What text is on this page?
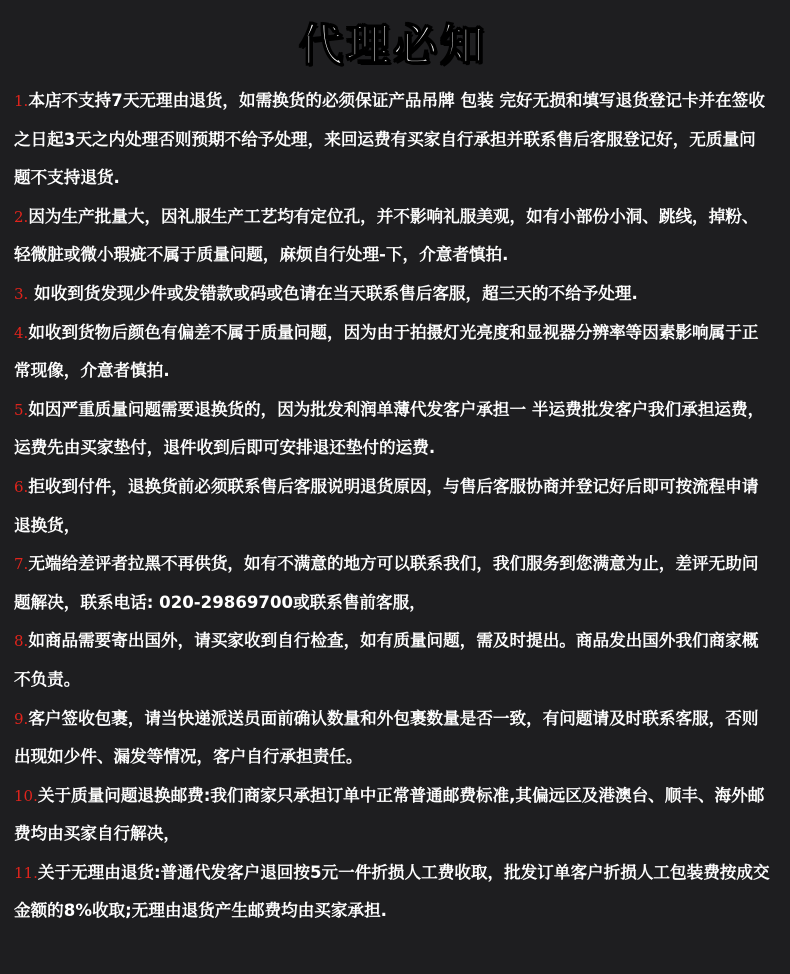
代理必知
1.本店不支持7天无理由退货，如需换货的必须保证产品吊牌 包装 完好无损和填写退货登记卡并在签收之日起3天之内处理否则预期不给予处理，来回运费有买家自行承担并联系售后客服登记好，无质量问题不支持退货.
2.因为生产批量大，因礼服生产工艺均有定位孔，并不影响礼服美观，如有小部份小洞、跳线，掉粉、轻微脏或微小瑕疵不属于质量问题，麻烦自行处理-下，介意者慎拍.
3. 如收到货发现少件或发错款或码或色请在当天联系售后客服，超三天的不给予处理.
4.如收到货物后颜色有偏差不属于质量问题，因为由于拍摄灯光亮度和显视器分辨率等因素影响属于正常现像，介意者慎拍.
5.如因严重质量问题需要退换货的，因为批发利润单薄代发客户承担一 半运费批发客户我们承担运费，运费先由买家垫付，退件收到后即可安排退还垫付的运费.
6.拒收到付件，退换货前必须联系售后客服说明退货原因，与售后客服协商并登记好后即可按流程申请退换货，
7.无端给差评者拉黑不再供货，如有不满意的地方可以联系我们，我们服务到您满意为止，差评无助问题解决，联系电话: 020-29869700或联系售前客服，
8.如商品需要寄出国外，请买家收到自行检查，如有质量问题，需及时提出。商品发出国外我们商家概不负责。
9.客户签收包裹，请当快递派送员面前确认数量和外包裹数量是否一致，有问题请及时联系客服，否则出现如少件、漏发等情况，客户自行承担责任。
10.关于质量问题退换邮费:我们商家只承担订单中正常普通邮费标准,其偏远区及港澳台、顺丰、海外邮费均由买家自行解决，
11.关于无理由退货:普通代发客户退回按5元一件折损人工费收取，批发订单客户折损人工包装费按成交金额的8%收取;无理由退货产生邮费均由买家承担.
